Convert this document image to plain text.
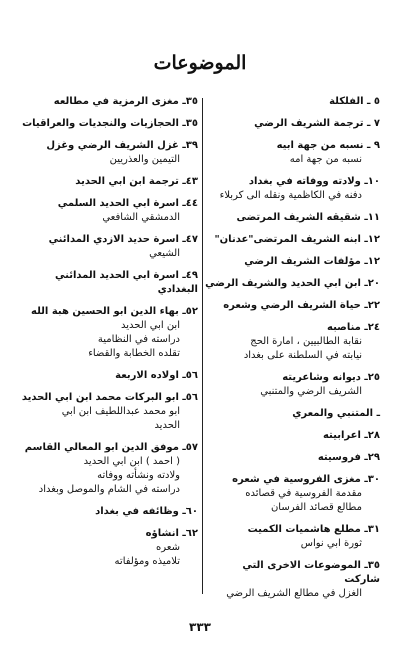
الموضوعات
٥ ـ الفلكلة
٧ ـ ترجمة الشريف الرضي
٩ ـ نسبه من جهة ابيه
نسبه من جهة امه
١٠ـ ولادته ووفاته في بغداد
دفنه في الكاظمية ونقله الى كربلاء
١١ـ شقيقه الشريف المرتضى
١٢ـ ابنه الشريف المرتضى"عدنان"
١٢ـ مؤلفات الشريف الرضي
٢٠ـ ابن ابي الحديد والشريف الرضي
٢٢ـ حياة الشريف الرضي وشعره
٢٤ـ مناصبه
نقابة الطالبيين ، امارة الحج
نيابته في السلطنة على بغداد
٢٥ـ ديوانه وشاعريته
الشريف الرضي والمتنبي
ـ المتنبي والمعري
٢٨ـ اعرابيته
٢٩ـ فروسيته
٣٠ـ مغزى الفروسية في شعره
مقدمة الفروسية في قصائده
مطالع قصائد الفرسان
٣١ـ مطلع هاشميات الكميت
ثورة ابي نواس
٣٥ـ الموضوعات الاخرى التي شاركت
الغزل في مطالع الشريف الرضي
٣٥ـ مغزى الرمزية في مطالعه
٣٥ـ الحجازيات والنجديات والعراقيات
٣٩ـ غزل الشريف الرضي وغزل
التيمين والعذريين
٤٣ـ ترجمة ابن ابي الحديد
٤٤ـ اسرة ابي الحديد السلمي
الدمشقي الشافعي
٤٧ـ اسرة حديد الازدي المدائني
الشيعي
٤٩ـ اسرة ابي الحديد المدائني البغدادي
٥٢ـ بهاء الدين ابو الحسين هبة الله
ابن ابي الحديد
دراسته في النظامية
تقلده الخطابة والقضاء
٥٦ـ اولاده الاربعة
٥٦ـ ابو البركات محمد ابن ابي الحديد
ابو محمد عبداللطيف ابن ابي
الحديد
٥٧ـ موفق الدين ابو المعالي القاسم
( احمد ) ابن ابي الحديد
ولادته ونشأته ووفاته
دراسته في الشام والموصل وبغداد
٦٠ـ وظائفه في بغداد
٦٢ـ انشاؤه
شعره
تلاميذه ومؤلفاته
٣٣٣
